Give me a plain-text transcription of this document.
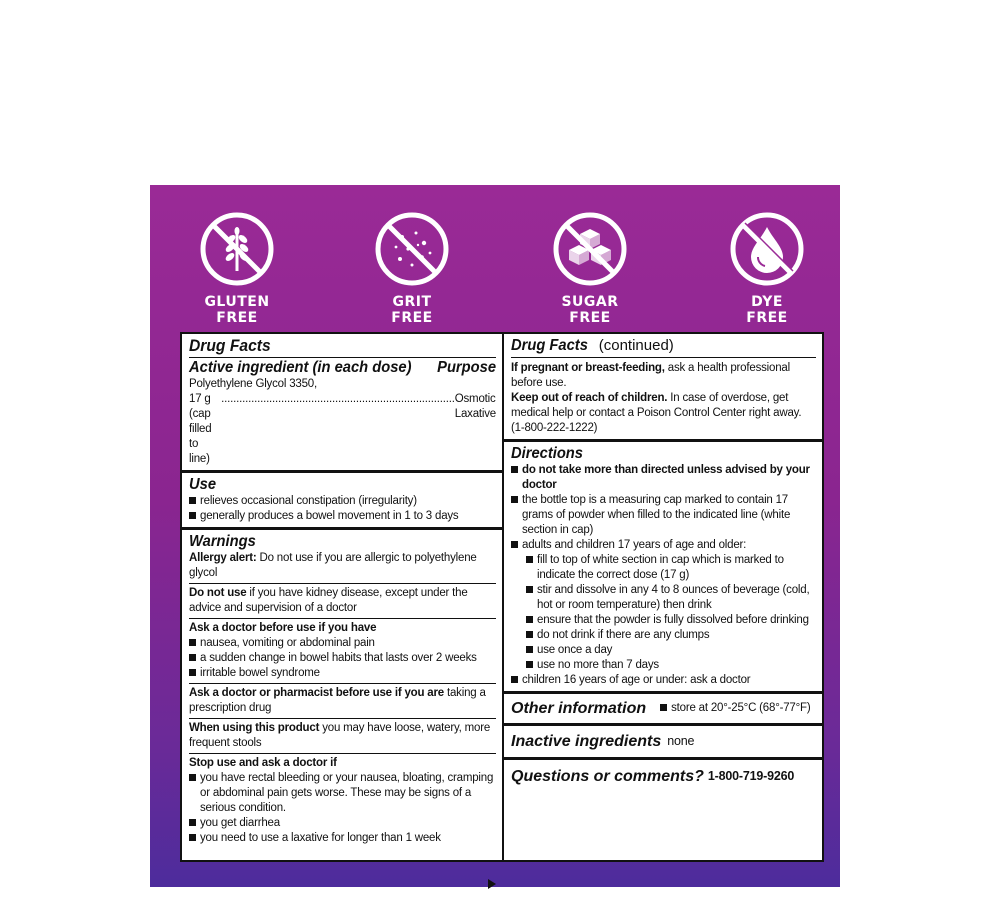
GLUTEN
FREE
GRIT
FREE
SUGAR
FREE
DYE
FREE
Drug Facts
Active ingredient (in each dose) Purpose
Polyethylene Glycol 3350,
17 g (cap filled to line)
.............................................................................. Osmotic Laxative
Use
relieves occasional constipation (irregularity)
generally produces a bowel movement in 1 to 3 days
Warnings
Allergy alert: Do not use if you are allergic to polyethylene glycol
Do not use if you have kidney disease, except under the advice and supervision of a doctor
Ask a doctor before use if you have
nausea, vomiting or abdominal pain
a sudden change in bowel habits that lasts over 2 weeks
irritable bowel syndrome
Ask a doctor or pharmacist before use if you are taking a prescription drug
When using this product you may have loose, watery, more frequent stools
Stop use and ask a doctor if
you have rectal bleeding or your nausea, bloating, cramping or abdominal pain gets worse. These may be signs of a serious condition.
you get diarrhea
you need to use a laxative for longer than 1 week
Drug Facts (continued)
If pregnant or breast-feeding, ask a health professional before use.
Keep out of reach of children. In case of overdose, get medical help or contact a Poison Control Center right away. (1-800-222-1222)
Directions
do not take more than directed unless advised by your doctor
the bottle top is a measuring cap marked to contain 17 grams of powder when filled to the indicated line (white section in cap)
adults and children 17 years of age and older:
fill to top of white section in cap which is marked to indicate the correct dose (17 g)
stir and dissolve in any 4 to 8 ounces of beverage (cold, hot or room temperature) then drink
ensure that the powder is fully dissolved before drinking
do not drink if there are any clumps
use once a day
use no more than 7 days
children 16 years of age or under: ask a doctor
Other information	store at 20°-25°C (68°-77°F)
Inactive ingredients none
Questions or comments? 1-800-719-9260
